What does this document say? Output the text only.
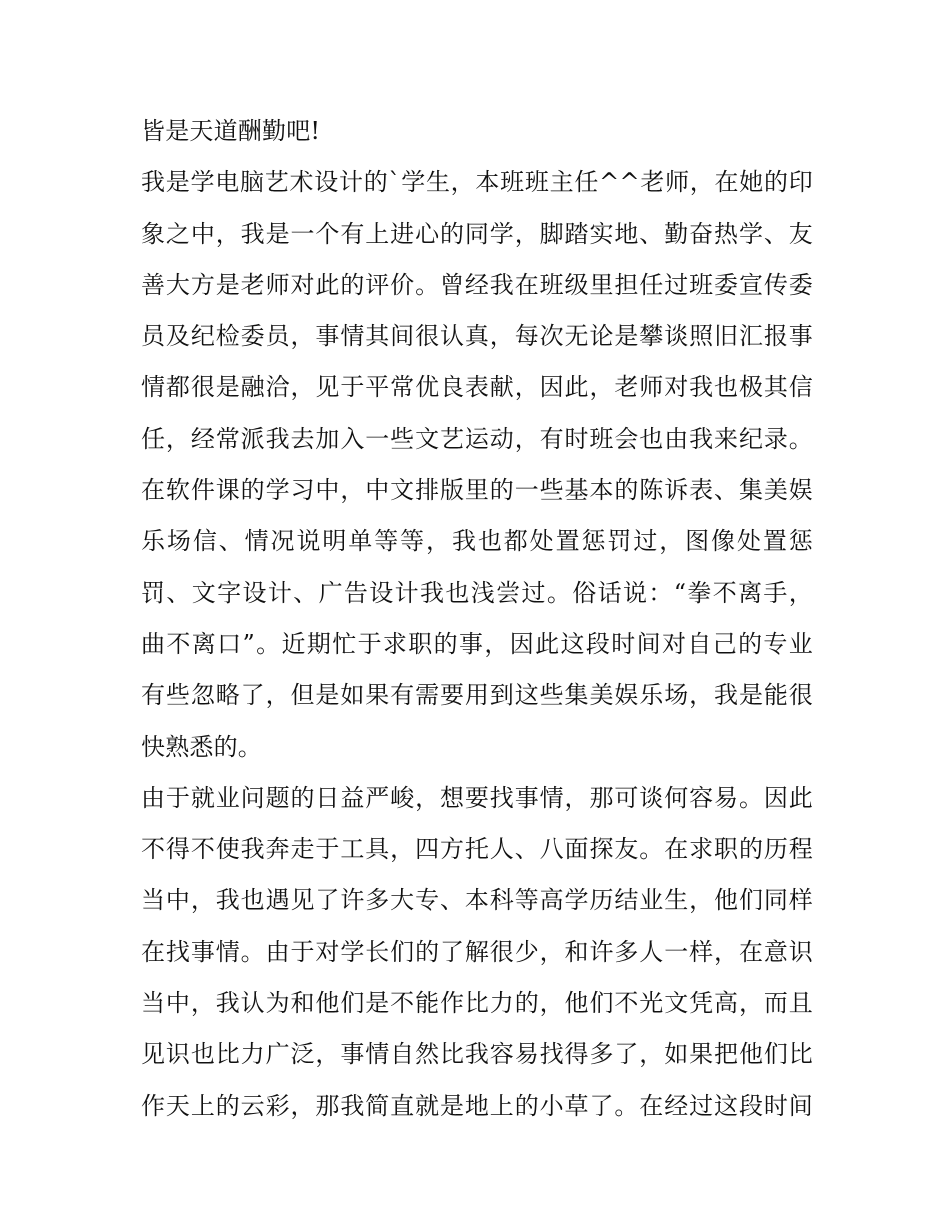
皆是天道酬勤吧!
我是学电脑艺术设计的`学生，本班班主任^^老师，在她的印
象之中，我是一个有上进心的同学，脚踏实地、勤奋热学、友
善大方是老师对此的评价。曾经我在班级里担任过班委宣传委
员及纪检委员，事情其间很认真，每次无论是攀谈照旧汇报事
情都很是融洽，见于平常优良表献，因此，老师对我也极其信
任，经常派我去加入一些文艺运动，有时班会也由我来纪录。
在软件课的学习中，中文排版里的一些基本的陈诉表、集美娱
乐场信、情况说明单等等，我也都处置惩罚过，图像处置惩
罚、文字设计、广告设计我也浅尝过。俗话说：“拳不离手，
曲不离口”。近期忙于求职的事，因此这段时间对自己的专业
有些忽略了，但是如果有需要用到这些集美娱乐场，我是能很
快熟悉的。
由于就业问题的日益严峻，想要找事情，那可谈何容易。因此
不得不使我奔走于工具，四方托人、八面探友。在求职的历程
当中，我也遇见了许多大专、本科等高学历结业生，他们同样
在找事情。由于对学长们的了解很少，和许多人一样，在意识
当中，我认为和他们是不能作比力的，他们不光文凭高，而且
见识也比力广泛，事情自然比我容易找得多了，如果把他们比
作天上的云彩，那我简直就是地上的小草了。在经过这段时间
